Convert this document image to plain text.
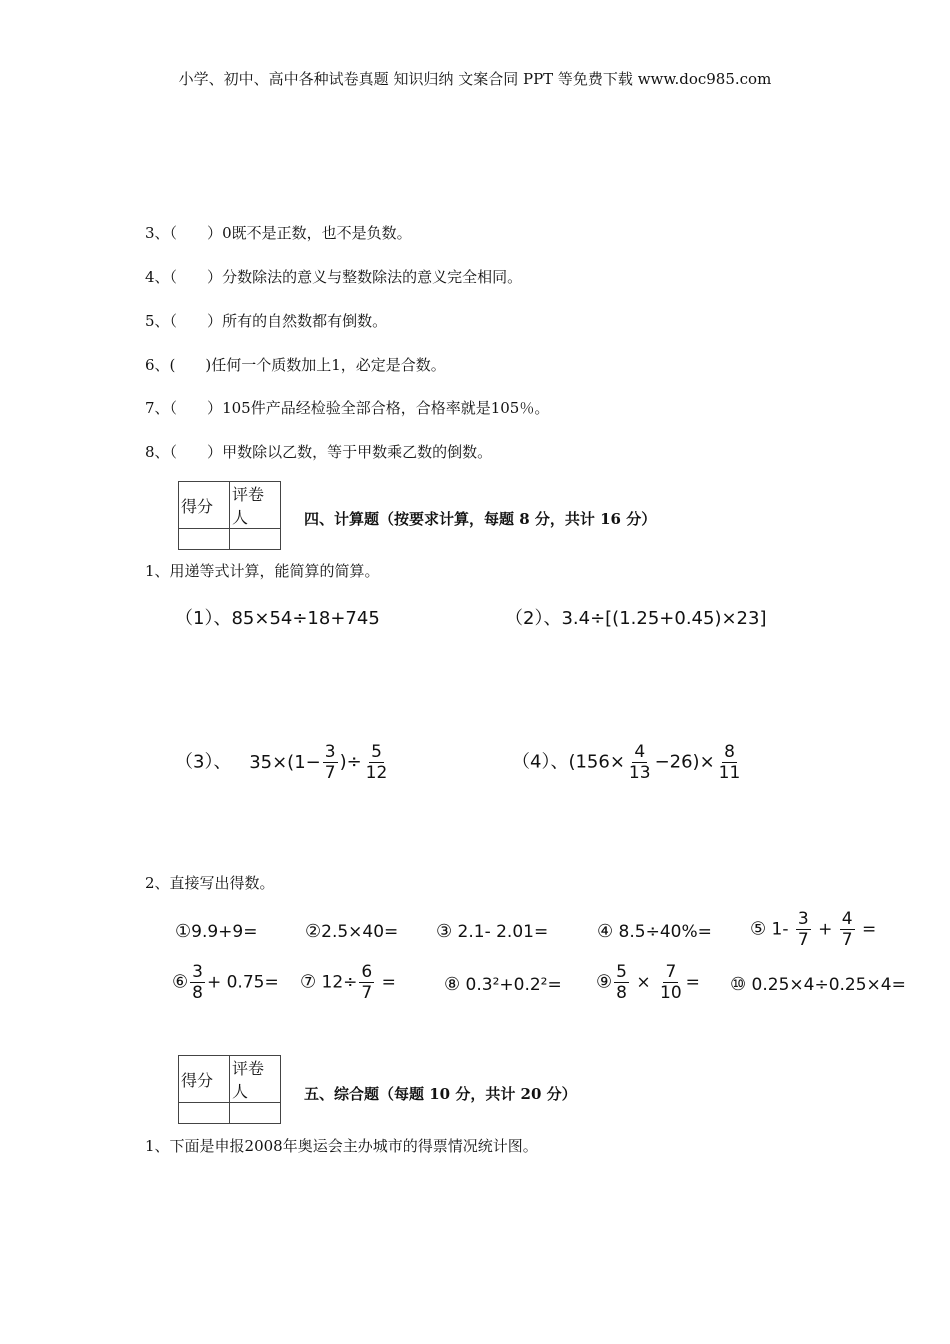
小学、初中、高中各种试卷真题 知识归纳 文案合同 PPT 等免费下载 www.doc985.com
3、（　　）0既不是正数，也不是负数。
4、（　　）分数除法的意义与整数除法的意义完全相同。
5、（　　）所有的自然数都有倒数。
6、(　　)任何一个质数加上1，必定是合数。
7、（　　）105件产品经检验全部合格，合格率就是105％。
8、（　　）甲数除以乙数，等于甲数乘乙数的倒数。
得分	评卷人
		四、计算题（按要求计算，每题 8 分，共计 16 分）
1、用递等式计算，能简算的简算。
（1）、85×54÷18+745	（2）、3.4÷[(1.25+0.45)×23]
（3）、 $35\times(1- \frac{3}{7}$ )÷ $\frac{5}{12}$	（4）、$(156\times \frac{4}{13} -26)\times \frac{8}{11}$
2、直接写出得数。
①9.9+9=	②2.5×40= ③ 2.1- 2.01=	④ 8.5÷40%= ⑤ $1- \frac{3}{7} + \frac{4}{7}$ =
⑥ $\frac{3}{8} + 0.75=$ ⑦ $12\div \frac{6}{7}$ =	⑧ 0.3²+0.2²= ⑨ $\frac{5}{8} \times \frac{7}{10}$ = ⑩ 0.25×4÷0.25×4=
得分	评卷人
		五、综合题（每题 10 分，共计 20 分）
1、下面是申报2008年奥运会主办城市的得票情况统计图。
